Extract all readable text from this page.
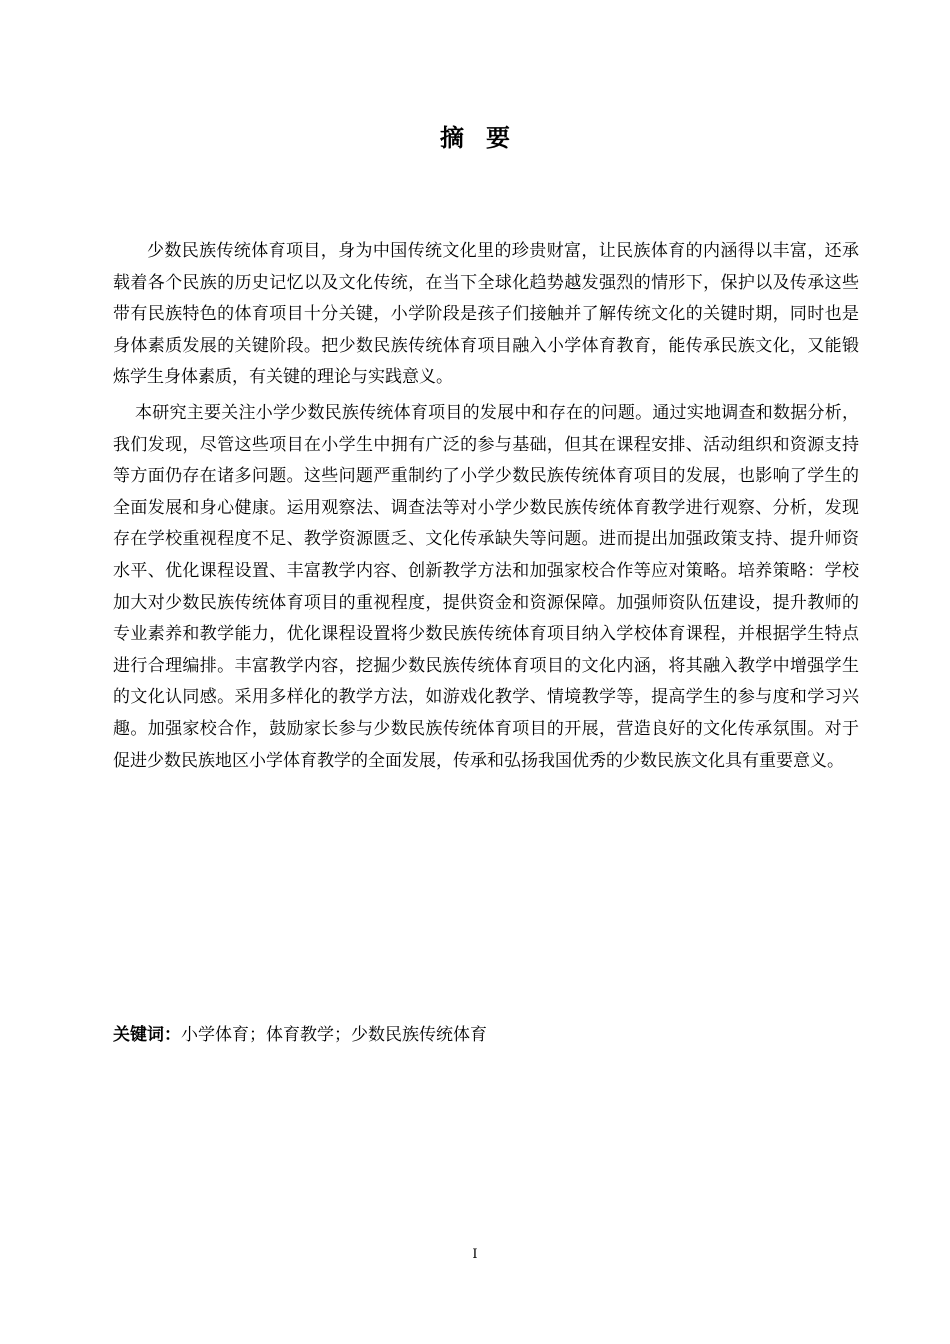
摘 要

少数民族传统体育项目，身为中国传统文化里的珍贵财富，让民族体育的内涵得以丰富，还承载着各个民族的历史记忆以及文化传统，在当下全球化趋势越发强烈的情形下，保护以及传承这些带有民族特色的体育项目十分关键，小学阶段是孩子们接触并了解传统文化的关键时期，同时也是身体素质发展的关键阶段。把少数民族传统体育项目融入小学体育教育，能传承民族文化，又能锻炼学生身体素质，有关键的理论与实践意义。

本研究主要关注小学少数民族传统体育项目的发展中和存在的问题。通过实地调查和数据分析，我们发现，尽管这些项目在小学生中拥有广泛的参与基础，但其在课程安排、活动组织和资源支持等方面仍存在诸多问题。这些问题严重制约了小学少数民族传统体育项目的发展，也影响了学生的全面发展和身心健康。运用观察法、调查法等对小学少数民族传统体育教学进行观察、分析，发现存在学校重视程度不足、教学资源匮乏、文化传承缺失等问题。进而提出加强政策支持、提升师资水平、优化课程设置、丰富教学内容、创新教学方法和加强家校合作等应对策略。培养策略：学校加大对少数民族传统体育项目的重视程度，提供资金和资源保障。加强师资队伍建设，提升教师的专业素养和教学能力，优化课程设置将少数民族传统体育项目纳入学校体育课程，并根据学生特点进行合理编排。丰富教学内容，挖掘少数民族传统体育项目的文化内涵，将其融入教学中增强学生的文化认同感。采用多样化的教学方法，如游戏化教学、情境教学等，提高学生的参与度和学习兴趣。加强家校合作，鼓励家长参与少数民族传统体育项目的开展，营造良好的文化传承氛围。对于促进少数民族地区小学体育教学的全面发展，传承和弘扬我国优秀的少数民族文化具有重要意义。

关键词：小学体育；体育教学；少数民族传统体育
I
